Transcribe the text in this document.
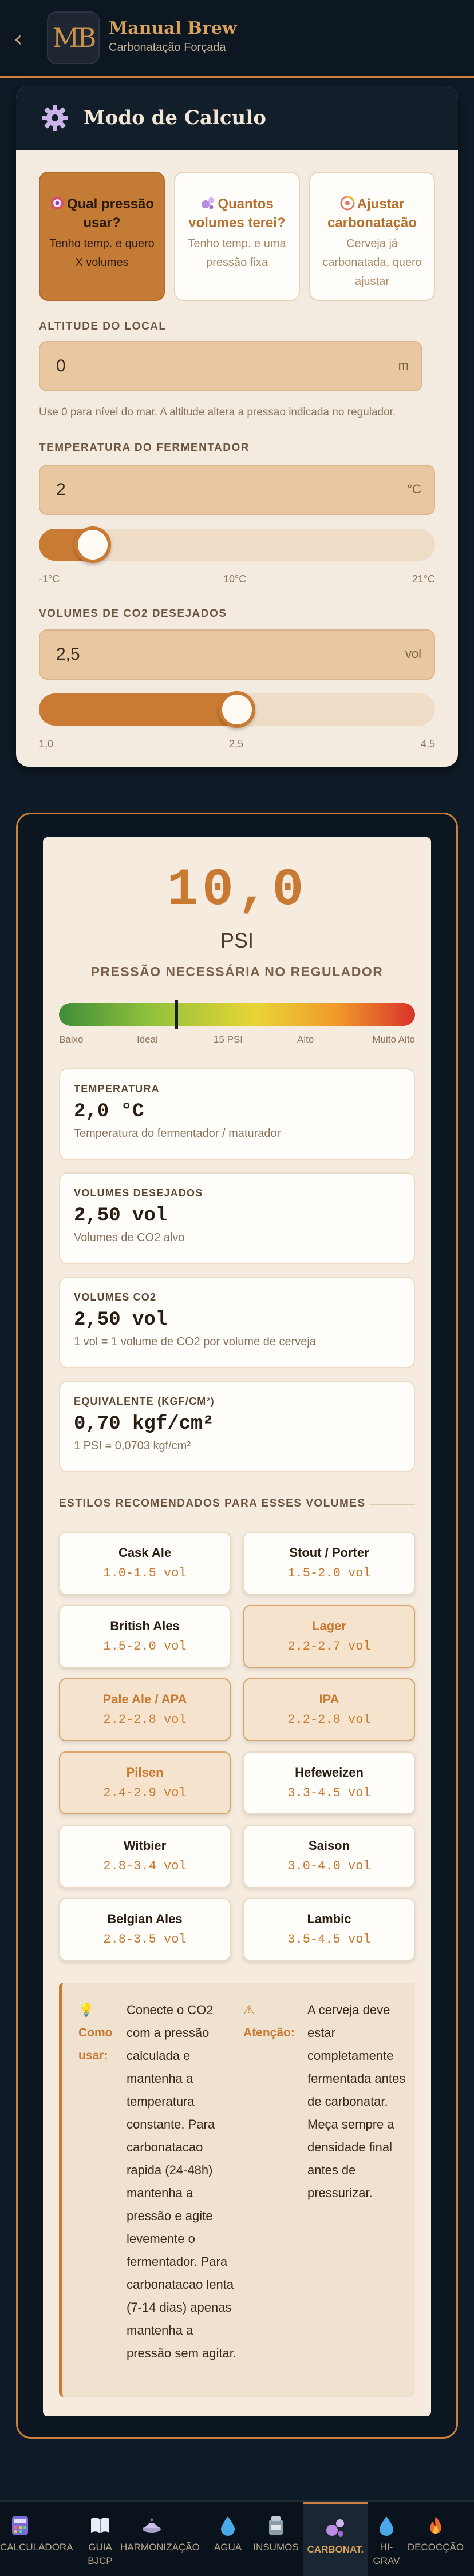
‹ MB Manual Brew
Carbonatação Forçada
Modo de Calculo
Qual pressão usar?
Tenho temp. e quero X volumes
Quantos volumes terei?
Tenho temp. e uma pressão fixa
Ajustar carbonatação
Cerveja já carbonatada, quero ajustar
ALTITUDE DO LOCAL
0
m
Use 0 para nível do mar. A altitude altera a pressao indicada no regulador.
TEMPERATURA DO FERMENTADOR
2
°C
-1°C	10°C	21°C
VOLUMES DE CO2 DESEJADOS
2,5
vol
1,0	2,5	4,5
10,0
PSI
PRESSÃO NECESSÁRIA NO REGULADOR
Baixo	Ideal	15 PSI	Alto	Muito Alto
TEMPERATURA
2,0 °C
Temperatura do fermentador / maturador
VOLUMES DESEJADOS
2,50 vol
Volumes de CO2 alvo
VOLUMES CO2
2,50 vol
1 vol = 1 volume de CO2 por volume de cerveja
EQUIVALENTE (KGF/CM²)
0,70 kgf/cm²
1 PSI = 0,0703 kgf/cm²
ESTILOS RECOMENDADOS PARA ESSES VOLUMES
Cask Ale
1.0-1.5 vol
Stout / Porter
1.5-2.0 vol
British Ales
1.5-2.0 vol
Lager
2.2-2.7 vol
Pale Ale / APA
2.2-2.8 vol
IPA
2.2-2.8 vol
Pilsen
2.4-2.9 vol
Hefeweizen
3.3-4.5 vol
Witbier
2.8-3.4 vol
Saison
3.0-4.0 vol
Belgian Ales
2.8-3.5 vol
Lambic
3.5-4.5 vol
💡
Como usar:
Conecte o CO2 com a pressão calculada e mantenha a temperatura constante. Para carbonatacao rapida (24-48h) mantenha a pressão e agite levemente o fermentador. Para carbonatacao lenta (7-14 dias) apenas mantenha a pressão sem agitar.
⚠
Atenção:
A cerveja deve estar completamente fermentada antes de carbonatar. Meça sempre a densidade final antes de pressurizar.
CALCULADORA	GUIA BJCP
HARMONIZAÇÃO	AGUA	INSUMOS CARBONAT.	HI-GRAV
DECOCÇÃO
